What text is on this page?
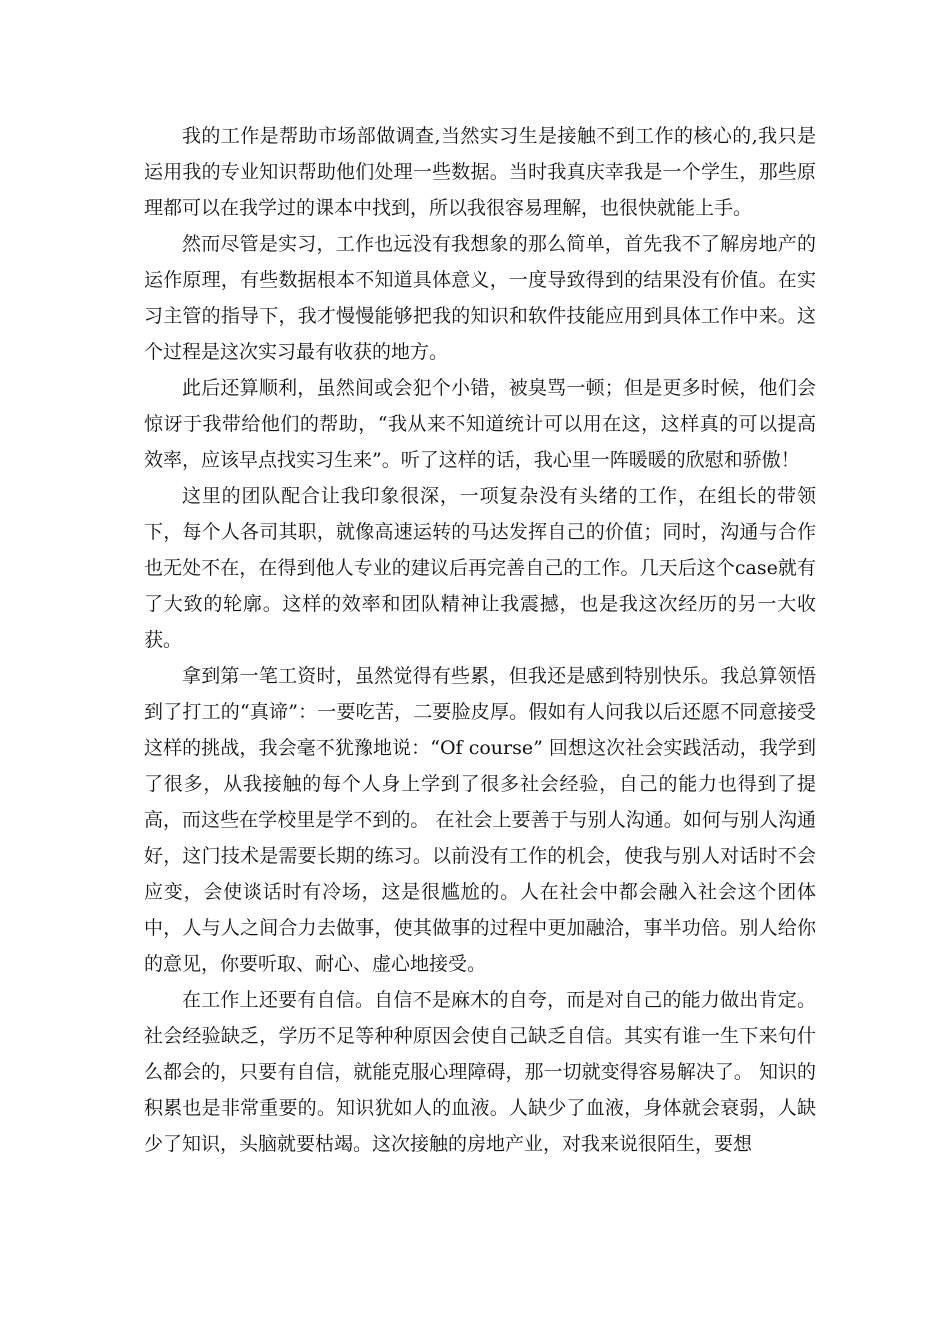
我的工作是帮助市场部做调查,当然实习生是接触不到工作的核心的,我只是运用我的专业知识帮助他们处理一些数据。当时我真庆幸我是一个学生，那些原理都可以在我学过的课本中找到，所以我很容易理解，也很快就能上手。

然而尽管是实习，工作也远没有我想象的那么简单，首先我不了解房地产的运作原理，有些数据根本不知道具体意义，一度导致得到的结果没有价值。在实习主管的指导下，我才慢慢能够把我的知识和软件技能应用到具体工作中来。这个过程是这次实习最有收获的地方。

此后还算顺利，虽然间或会犯个小错，被臭骂一顿；但是更多时候，他们会惊讶于我带给他们的帮助，“我从来不知道统计可以用在这，这样真的可以提高效率，应该早点找实习生来”。听了这样的话，我心里一阵暖暖的欣慰和骄傲！

这里的团队配合让我印象很深，一项复杂没有头绪的工作，在组长的带领下，每个人各司其职，就像高速运转的马达发挥自己的价值；同时，沟通与合作也无处不在，在得到他人专业的建议后再完善自己的工作。几天后这个case就有了大致的轮廓。这样的效率和团队精神让我震撼，也是我这次经历的另一大收获。

拿到第一笔工资时，虽然觉得有些累，但我还是感到特别快乐。我总算领悟到了打工的“真谛”：一要吃苦，二要脸皮厚。假如有人问我以后还愿不同意接受这样的挑战，我会毫不犹豫地说：“Of course” 回想这次社会实践活动，我学到了很多，从我接触的每个人身上学到了很多社会经验，自己的能力也得到了提高，而这些在学校里是学不到的。 在社会上要善于与别人沟通。如何与别人沟通好，这门技术是需要长期的练习。以前没有工作的机会，使我与别人对话时不会应变，会使谈话时有冷场，这是很尴尬的。人在社会中都会融入社会这个团体中，人与人之间合力去做事，使其做事的过程中更加融洽，事半功倍。别人给你的意见，你要听取、耐心、虚心地接受。

在工作上还要有自信。自信不是麻木的自夸，而是对自己的能力做出肯定。社会经验缺乏，学历不足等种种原因会使自己缺乏自信。其实有谁一生下来句什么都会的，只要有自信，就能克服心理障碍，那一切就变得容易解决了。 知识的积累也是非常重要的。知识犹如人的血液。人缺少了血液，身体就会衰弱，人缺少了知识，头脑就要枯竭。这次接触的房地产业，对我来说很陌生，要想
